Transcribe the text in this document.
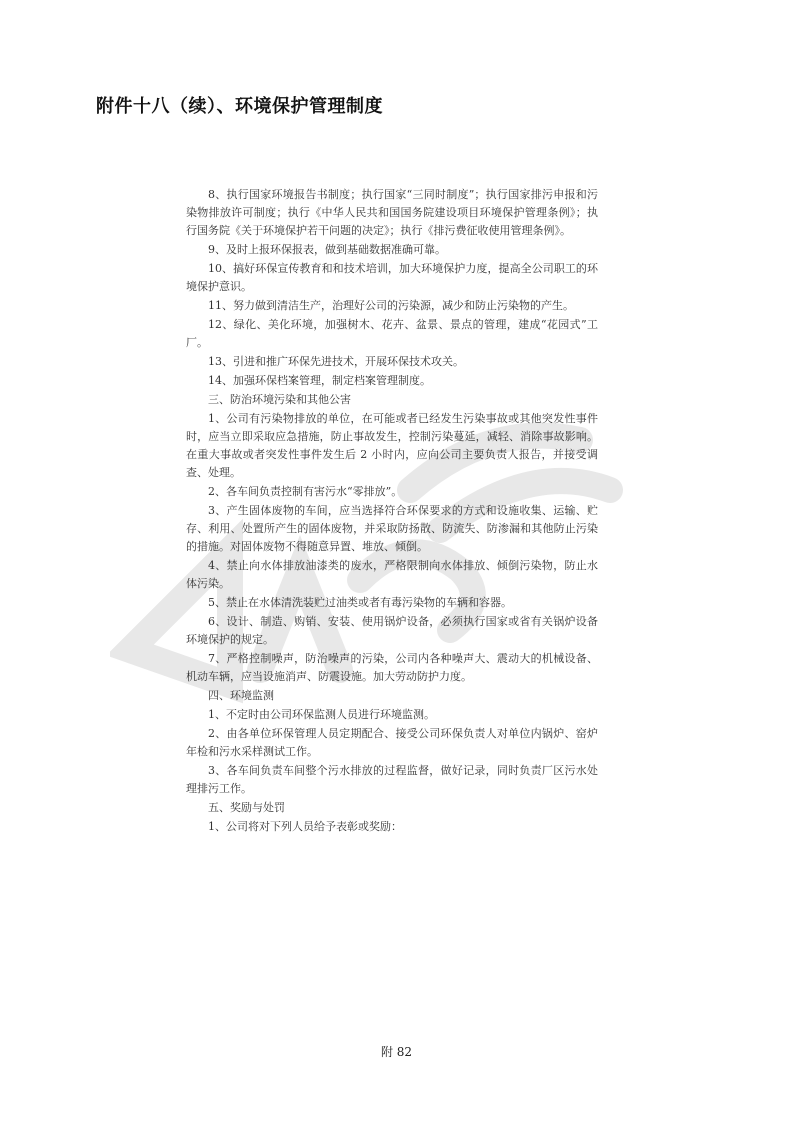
附件十八（续）、环境保护管理制度

8、执行国家环境报告书制度；执行国家“三同时制度”；执行国家排污申报和污染物排放许可制度；执行《中华人民共和国国务院建设项目环境保护管理条例》；执行国务院《关于环境保护若干问题的决定》；执行《排污费征收使用管理条例》。

9、及时上报环保报表，做到基础数据准确可靠。

10、搞好环保宣传教育和和技术培训，加大环境保护力度，提高全公司职工的环境保护意识。

11、努力做到清洁生产，治理好公司的污染源，减少和防止污染物的产生。

12、绿化、美化环境，加强树木、花卉、盆景、景点的管理，建成“花园式”工厂。

13、引进和推广环保先进技术，开展环保技术攻关。

14、加强环保档案管理，制定档案管理制度。

三、防治环境污染和其他公害

1、公司有污染物排放的单位，在可能或者已经发生污染事故或其他突发性事件时，应当立即采取应急措施，防止事故发生，控制污染蔓延，减轻、消除事故影响。在重大事故或者突发性事件发生后 2 小时内，应向公司主要负责人报告，并接受调查、处理。

2、各车间负责控制有害污水“零排放”。

3、产生固体废物的车间，应当选择符合环保要求的方式和设施收集、运输、贮存、利用、处置所产生的固体废物，并采取防扬散、防流失、防渗漏和其他防止污染的措施。对固体废物不得随意异置、堆放、倾倒。

4、禁止向水体排放油漆类的废水，严格限制向水体排放、倾倒污染物，防止水体污染。

5、禁止在水体清洗装贮过油类或者有毒污染物的车辆和容器。

6、设计、制造、购销、安装、使用锅炉设备，必须执行国家或省有关锅炉设备环境保护的规定。

7、严格控制噪声，防治噪声的污染，公司内各种噪声大、震动大的机械设备、机动车辆，应当设施消声、防震设施。加大劳动防护力度。

四、环境监测

1、不定时由公司环保监测人员进行环境监测。

2、由各单位环保管理人员定期配合、接受公司环保负责人对单位内锅炉、窑炉年检和污水采样测试工作。

3、各车间负责车间整个污水排放的过程监督，做好记录，同时负责厂区污水处理排污工作。

五、奖励与处罚

1、公司将对下列人员给予表彰或奖励：

附 82
